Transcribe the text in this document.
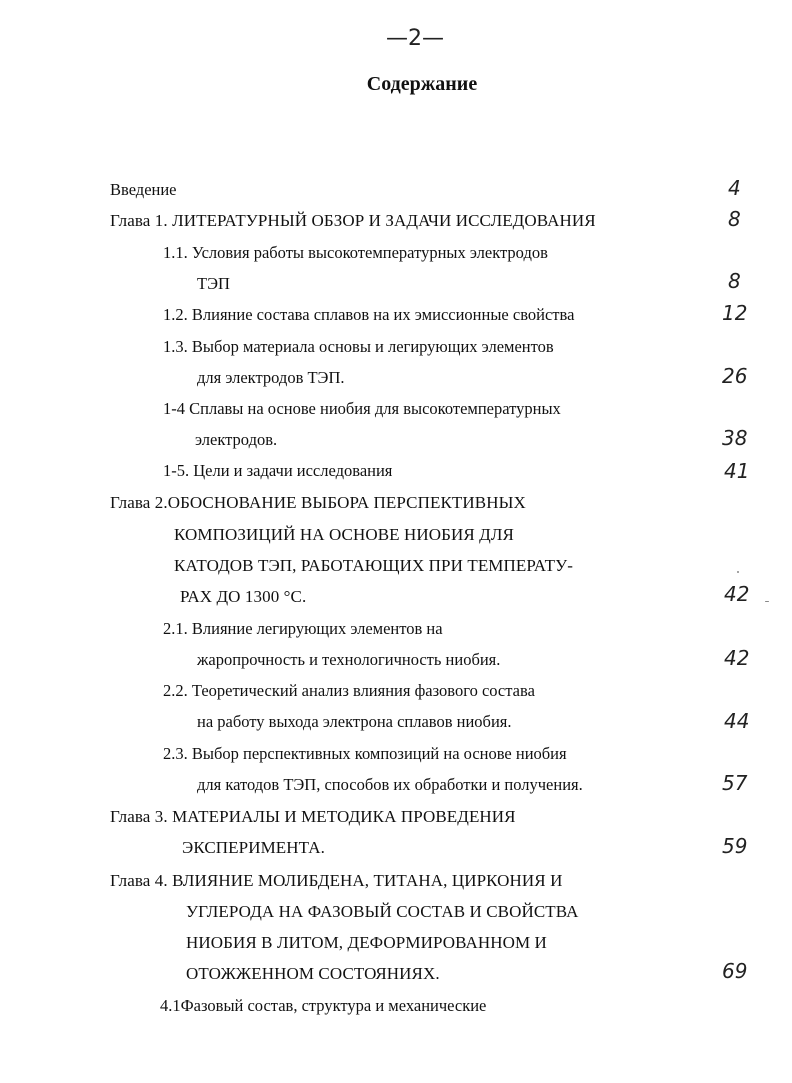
—2—
Содержание
Введение	4
Глава 1. ЛИТЕРАТУРНЫЙ ОБЗОР И ЗАДАЧИ ИССЛЕДОВАНИЯ	8
1.1. Условия работы высокотемпературных электродов
ТЭП	8
1.2. Влияние состава сплавов на их эмиссионные свойства	12
1.3. Выбор материала основы и легирующих элементов
для электродов ТЭП.	26
1-4 Сплавы на основе ниобия для высокотемпературных
электродов.	38
1-5. Цели и задачи исследования	41
Глава 2.ОБОСНОВАНИЕ ВЫБОРА ПЕРСПЕКТИВНЫХ
КОМПОЗИЦИЙ НА ОСНОВЕ НИОБИЯ ДЛЯ
КАТОДОВ ТЭП, РАБОТАЮЩИХ ПРИ ТЕМПЕРАТУ-
РАХ ДО 1300 °С.	42
2.1. Влияние легирующих элементов на
жаропрочность и технологичность ниобия.	42
2.2. Теоретический анализ влияния фазового состава
на работу выхода электрона сплавов ниобия.	44
2.3. Выбор перспективных композиций на основе ниобия
для катодов ТЭП, способов их обработки и получения.	57
Глава 3. МАТЕРИАЛЫ И МЕТОДИКА ПРОВЕДЕНИЯ
ЭКСПЕРИМЕНТА.	59
Глава 4. ВЛИЯНИЕ МОЛИБДЕНА, ТИТАНА, ЦИРКОНИЯ И
УГЛЕРОДА НА ФАЗОВЫЙ СОСТАВ И СВОЙСТВА
НИОБИЯ В ЛИТОМ, ДЕФОРМИРОВАННОМ И
ОТОЖЖЕННОМ СОСТОЯНИЯХ.	69
4.1Фазовый состав, структура и механические
